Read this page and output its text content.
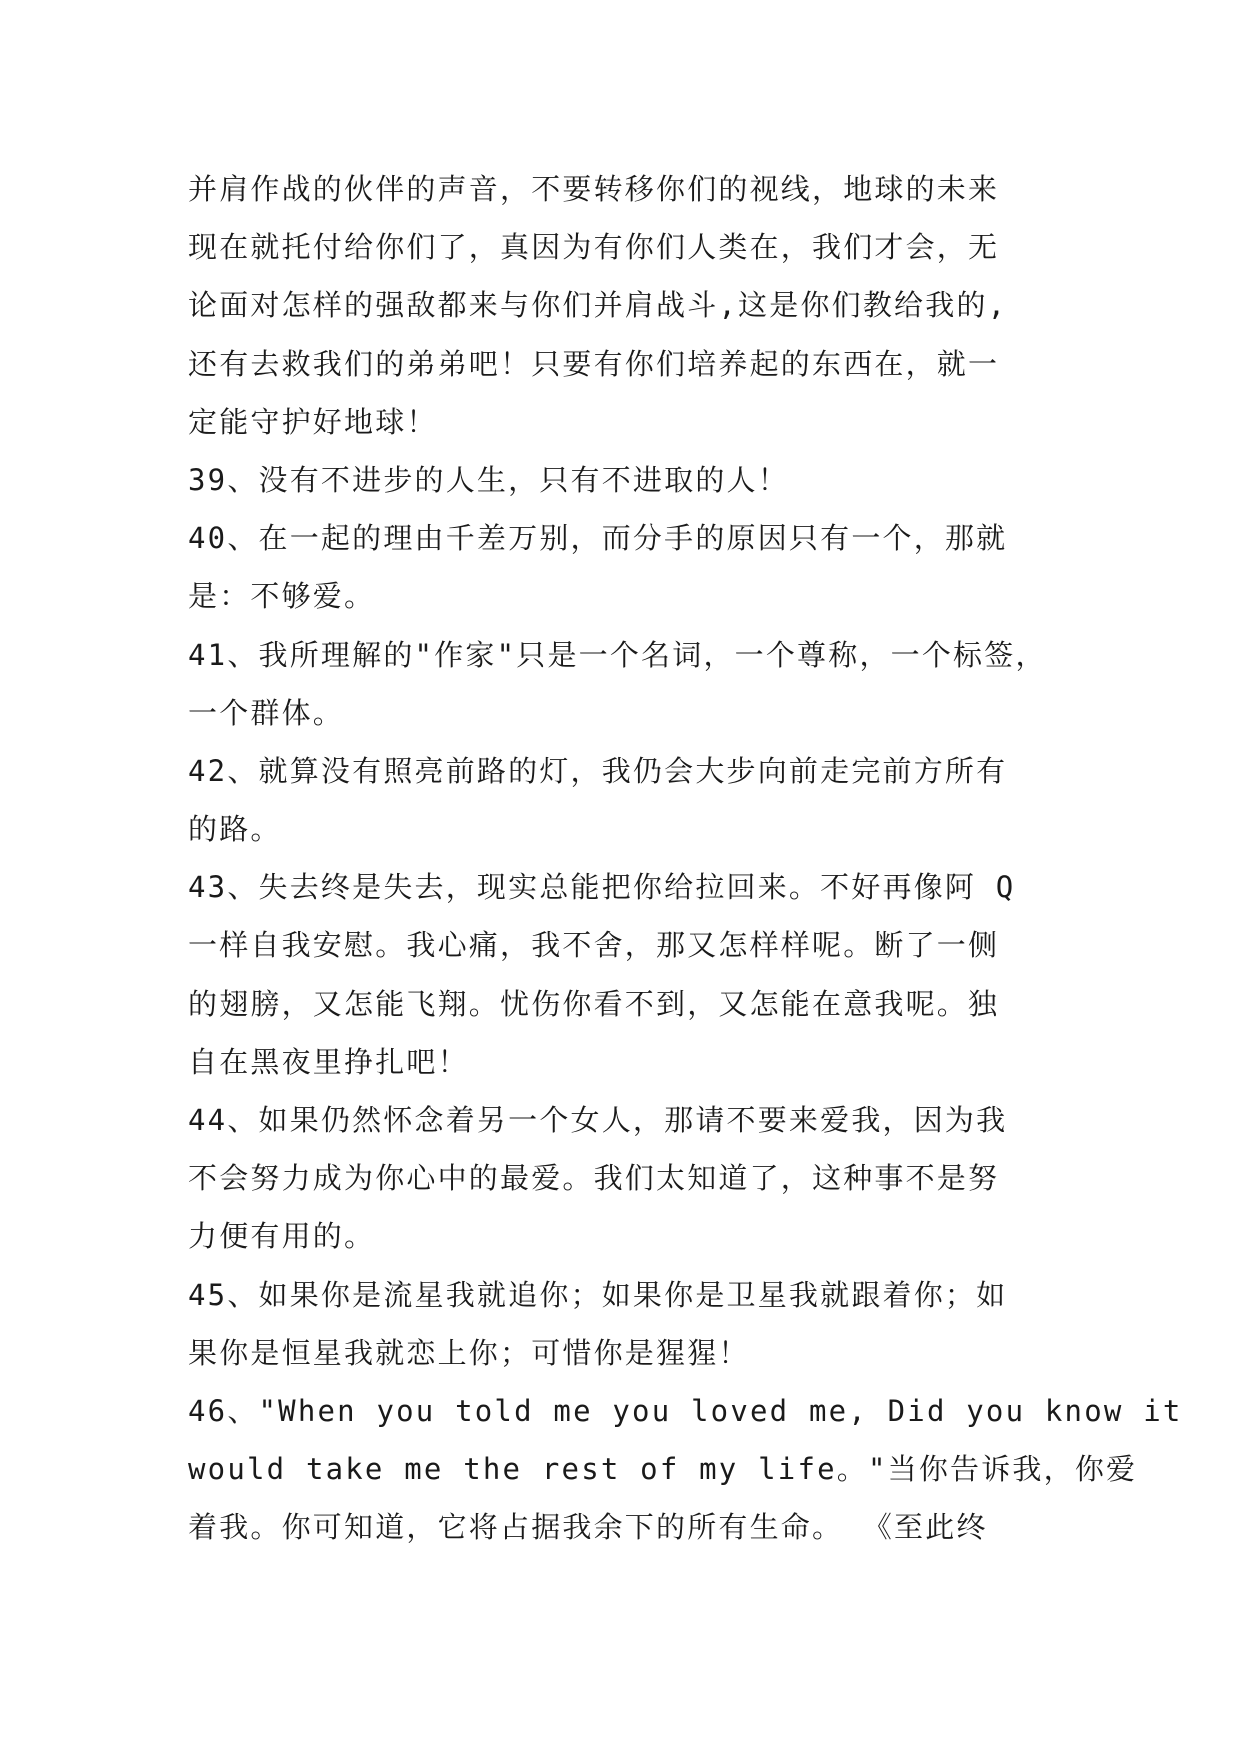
并肩作战的伙伴的声音，不要转移你们的视线，地球的未来
现在就托付给你们了，真因为有你们人类在，我们才会，无
论面对怎样的强敌都来与你们并肩战斗,这是你们教给我的,
还有去救我们的弟弟吧！只要有你们培养起的东西在，就一
定能守护好地球！
39、没有不进步的人生，只有不进取的人！
40、在一起的理由千差万别，而分手的原因只有一个，那就
是：不够爱。
41、我所理解的"作家"只是一个名词，一个尊称，一个标签，
一个群体。
42、就算没有照亮前路的灯，我仍会大步向前走完前方所有
的路。
43、失去终是失去，现实总能把你给拉回来。不好再像阿 Q
一样自我安慰。我心痛，我不舍，那又怎样样呢。断了一侧
的翅膀，又怎能飞翔。忧伤你看不到，又怎能在意我呢。独
自在黑夜里挣扎吧！
44、如果仍然怀念着另一个女人，那请不要来爱我，因为我
不会努力成为你心中的最爱。我们太知道了，这种事不是努
力便有用的。
45、如果你是流星我就追你；如果你是卫星我就跟着你；如
果你是恒星我就恋上你；可惜你是猩猩！
46、"When you told me you loved me, Did you know it
would take me the rest of my life。"当你告诉我，你爱
着我。你可知道，它将占据我余下的所有生命。 《至此终
